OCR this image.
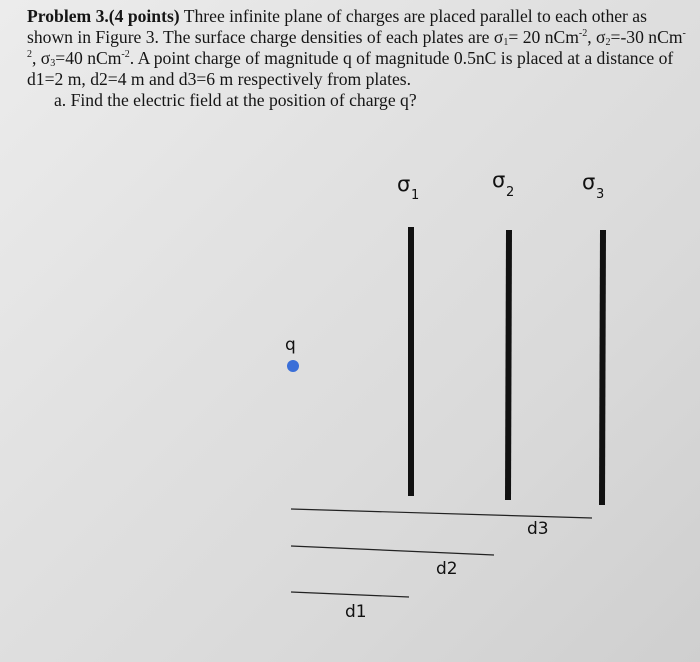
Problem 3.(4 points) Three infinite plane of charges are placed parallel to each other as shown in Figure 3. The surface charge densities of each plates are $\sigma_1= 20$ nCm$^{-2}$, $\sigma_2=-30$ nCm$^{-2}$, $\sigma_3=40$ nCm$^{-2}$. A point charge of magnitude q of magnitude 0.5nC is placed at a distance of d1=2 m, d2=4 m and d3=6 m respectively from plates.

a. Find the electric field at the position of charge q?

σ 1
σ
2	σ
3
q
d3
d2
d1
